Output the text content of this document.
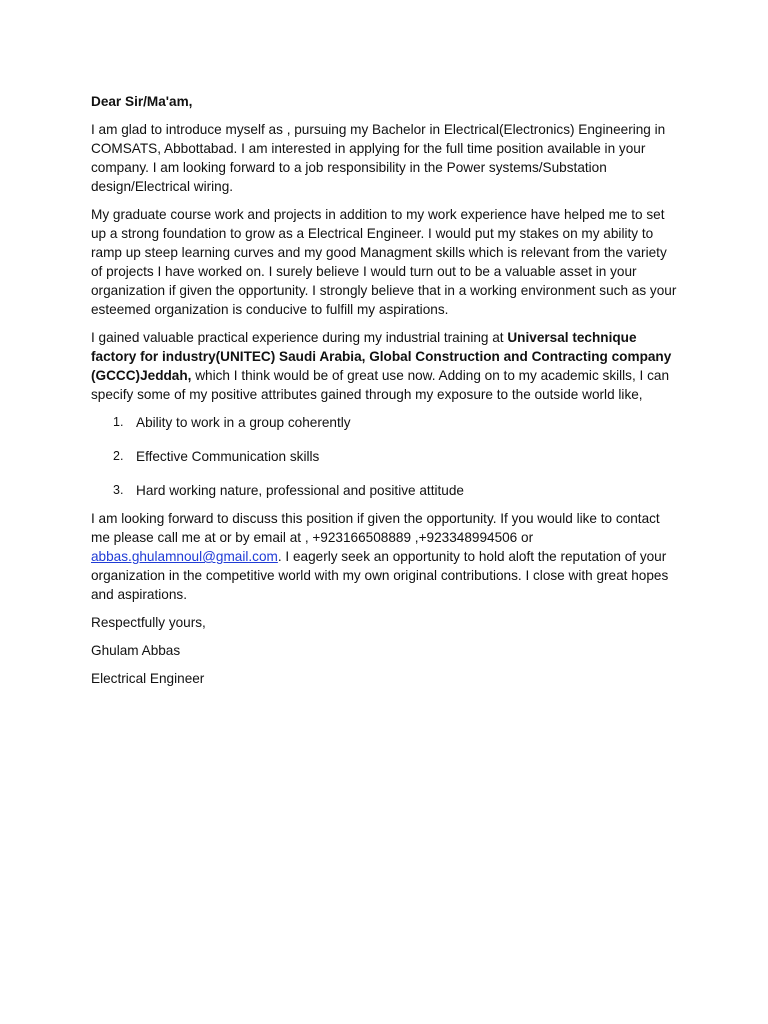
Dear Sir/Ma'am,

I am glad to introduce myself as , pursuing my Bachelor in Electrical(Electronics) Engineering in COMSATS, Abbottabad. I am interested in applying for the full time position available in your company. I am looking forward to a job responsibility in the Power systems/Substation design/Electrical wiring.

My graduate course work and projects in addition to my work experience have helped me to set up a strong foundation to grow as a Electrical Engineer. I would put my stakes on my ability to ramp up steep learning curves and my good Managment skills which is relevant from the variety of projects I have worked on. I surely believe I would turn out to be a valuable asset in your organization if given the opportunity. I strongly believe that in a working environment such as your esteemed organization is conducive to fulfill my aspirations.

I gained valuable practical experience during my industrial training at Universal technique factory for industry(UNITEC) Saudi Arabia, Global Construction and Contracting company (GCCC)Jeddah, which I think would be of great use now. Adding on to my academic skills, I can specify some of my positive attributes gained through my exposure to the outside world like,

1. Ability to work in a group coherently
2. Effective Communication skills
3. Hard working nature, professional and positive attitude

I am looking forward to discuss this position if given the opportunity. If you would like to contact me please call me at or by email at , +923166508889 ,+923348994506 or abbas.ghulamnoul@gmail.com. I eagerly seek an opportunity to hold aloft the reputation of your organization in the competitive world with my own original contributions. I close with great hopes and aspirations.

Respectfully yours,

Ghulam Abbas

Electrical Engineer
